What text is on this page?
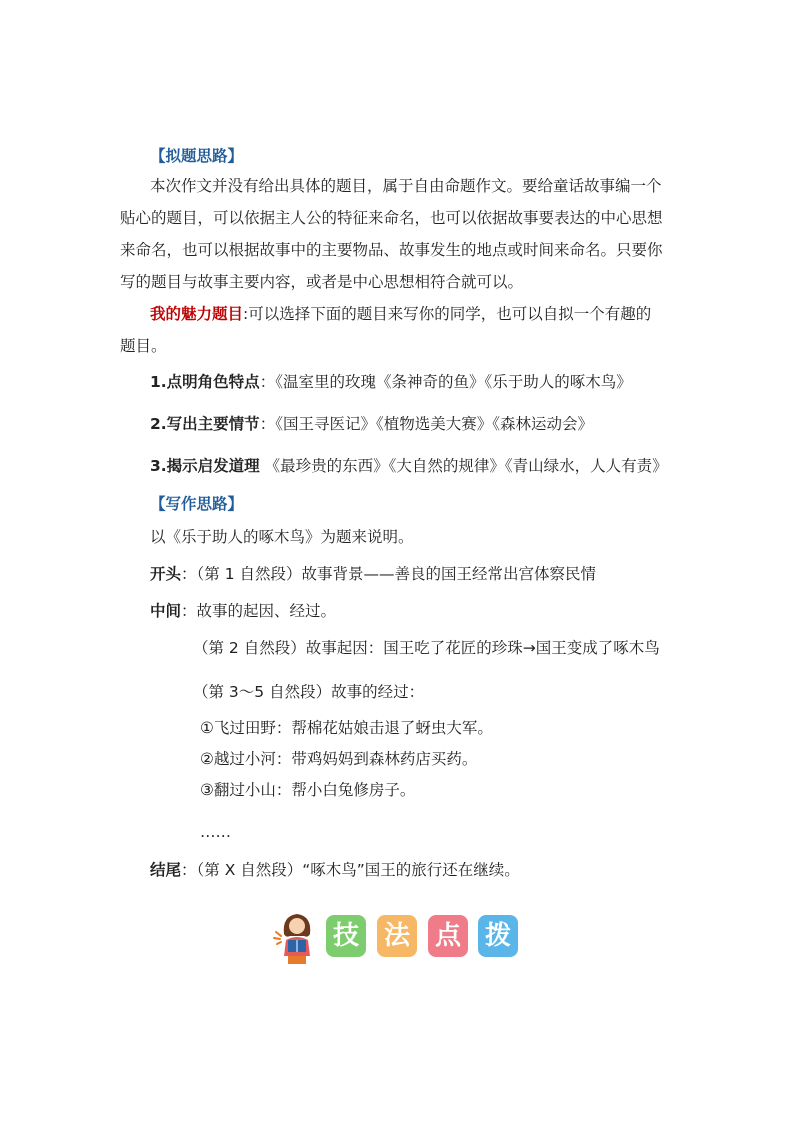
【拟题思路】
本次作文并没有给出具体的题目，属于自由命题作文。要给童话故事编一个
贴心的题目，可以依据主人公的特征来命名，也可以依据故事要表达的中心思想
来命名，也可以根据故事中的主要物品、故事发生的地点或时间来命名。只要你
写的题目与故事主要内容，或者是中心思想相符合就可以。
我的魅力题目:可以选择下面的题目来写你的同学，也可以自拟一个有趣的
题目。
1.点明角色特点：《温室里的玫瑰《条神奇的鱼》《乐于助人的啄木鸟》
2.写出主要情节：《国王寻医记》《植物选美大赛》《森林运动会》
3.揭示启发道理 《最珍贵的东西》《大自然的规律》《青山绿水，人人有责》
【写作思路】
以《乐于助人的啄木鸟》为题来说明。
开头：（第 1 自然段）故事背景——善良的国王经常出宫体察民情
中间：故事的起因、经过。
（第 2 自然段）故事起因：国王吃了花匠的珍珠→国王变成了啄木鸟
（第 3～5 自然段）故事的经过：
①飞过田野：帮棉花姑娘击退了蚜虫大军。
②越过小河：带鸡妈妈到森林药店买药。
③翻过小山：帮小白兔修房子。
……
结尾：（第 X 自然段）“啄木鸟”国王的旅行还在继续。
技 法 点 拨
